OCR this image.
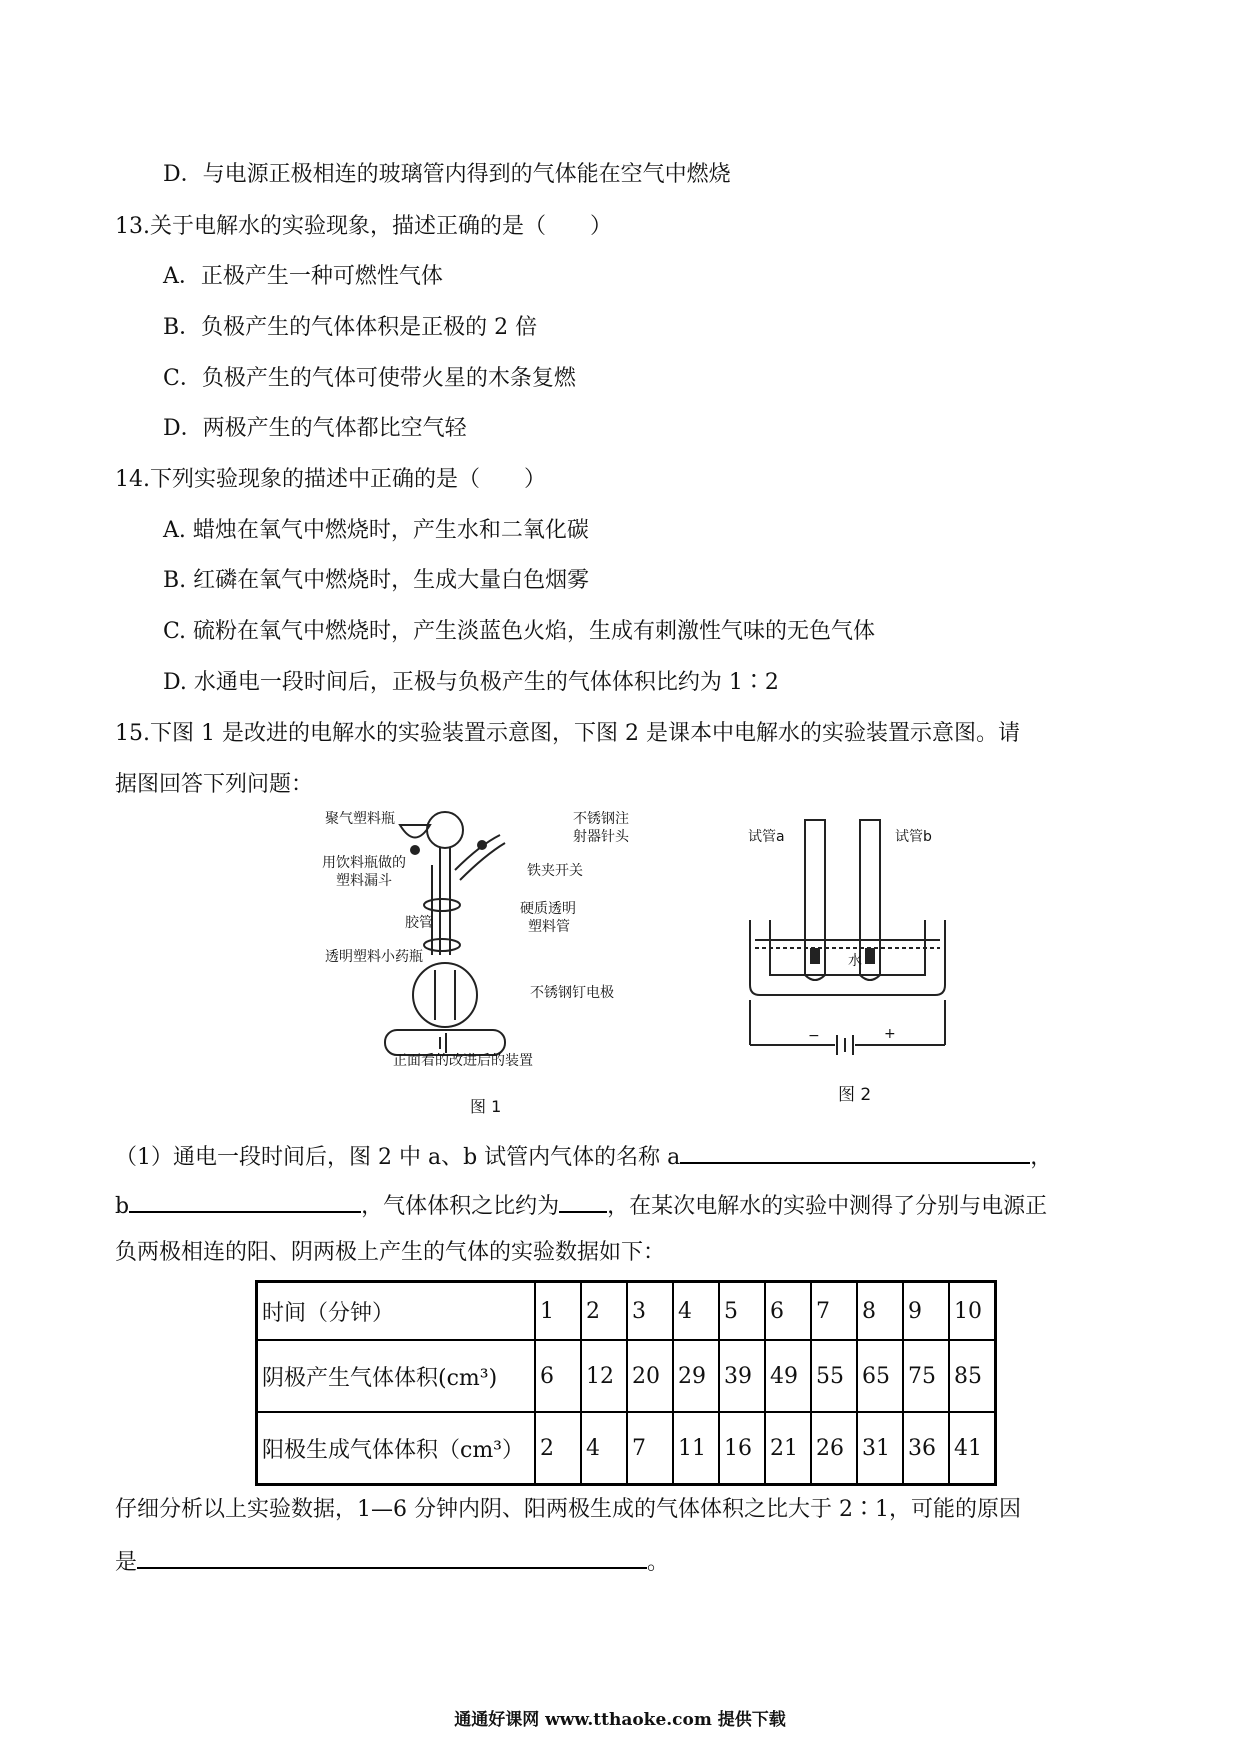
D．与电源正极相连的玻璃管内得到的气体能在空气中燃烧
13.关于电解水的实验现象，描述正确的是（　　）
A．正极产生一种可燃性气体
B．负极产生的气体体积是正极的 2 倍
C．负极产生的气体可使带火星的木条复燃
D．两极产生的气体都比空气轻
14.下列实验现象的描述中正确的是（　　）
A. 蜡烛在氧气中燃烧时，产生水和二氧化碳
B. 红磷在氧气中燃烧时，生成大量白色烟雾
C. 硫粉在氧气中燃烧时，产生淡蓝色火焰，生成有刺激性气味的无色气体
D. 水通电一段时间后，正极与负极产生的气体体积比约为 1∶2
15.下图 1 是改进的电解水的实验装置示意图，下图 2 是课本中电解水的实验装置示意图。请
据图回答下列问题：
聚气塑料瓶	不锈钢注
射器针头
用饮料瓶做的
塑料漏斗
铁夹开关
硬质透明
塑料管
胶管
透明塑料小药瓶
不锈钢钉电极
正面看的改进后的装置
图 1
试管a	试管b
水
−	+
图 2
（1）通电一段时间后，图 2 中 a、b 试管内气体的名称 a	，
b	，气体体积之比约为 ，在某次电解水的实验中测得了分别与电源正
负两极相连的阳、阴两极上产生的气体的实验数据如下：
时间（分钟）	1	2	3	4	5	6	7	8	9	10
阴极产生气体体积(cm³)	6	12	20	29	39	49	55	65	75	85
阳极生成气体体积（cm³）	2	4	7	11	16	21	26	31	36	41
仔细分析以上实验数据，1—6 分钟内阴、阳两极生成的气体体积之比大于 2∶1，可能的原因
是	。
通通好课网 www.tthaoke.com 提供下载
